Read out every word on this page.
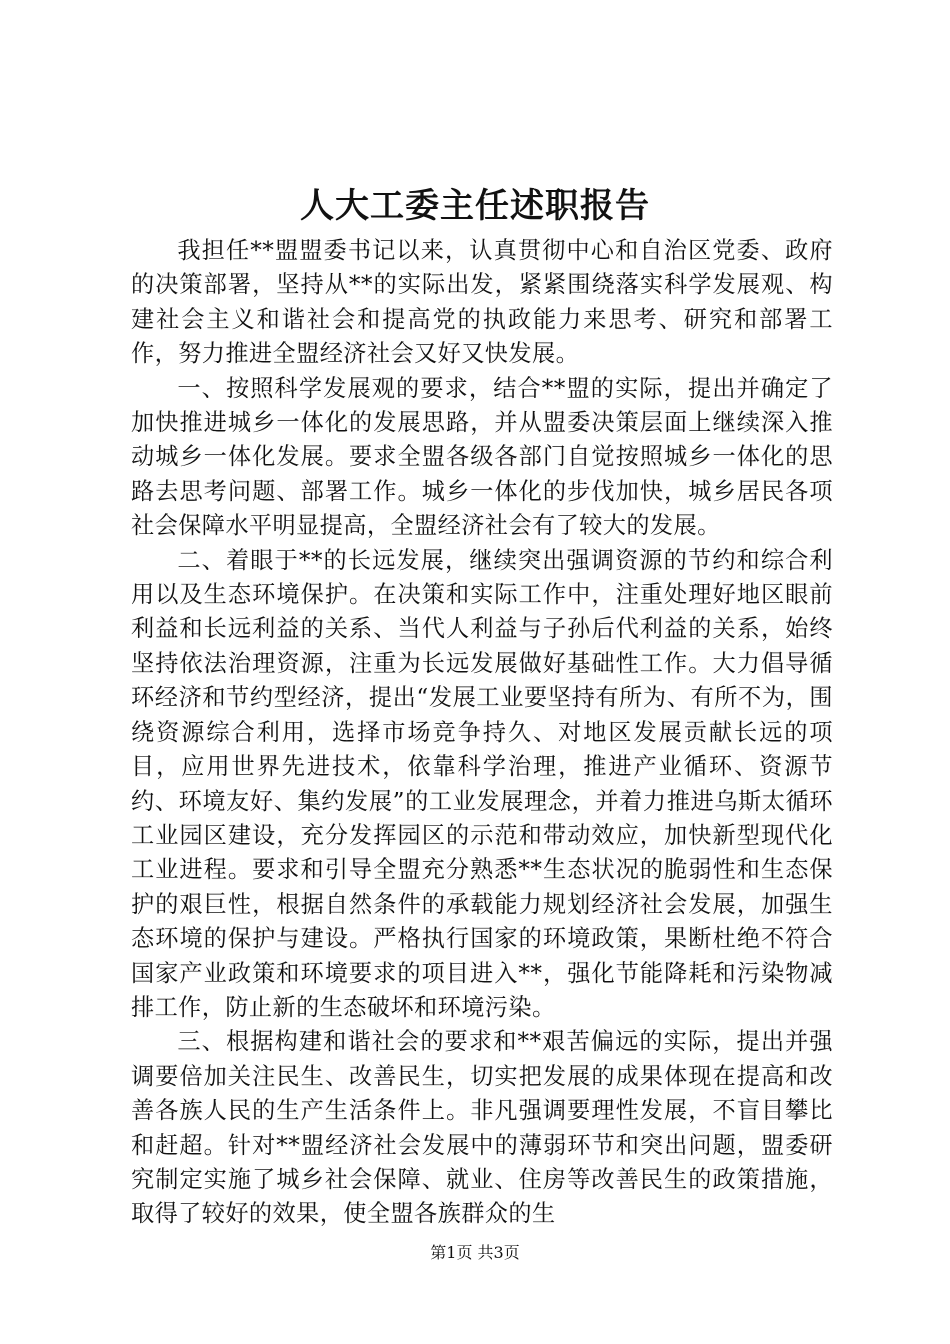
人大工委主任述职报告

我担任**盟盟委书记以来，认真贯彻中心和自治区党委、政府的决策部署，坚持从**的实际出发，紧紧围绕落实科学发展观、构建社会主义和谐社会和提高党的执政能力来思考、研究和部署工作，努力推进全盟经济社会又好又快发展。

一、按照科学发展观的要求，结合**盟的实际，提出并确定了加快推进城乡一体化的发展思路，并从盟委决策层面上继续深入推动城乡一体化发展。要求全盟各级各部门自觉按照城乡一体化的思路去思考问题、部署工作。城乡一体化的步伐加快，城乡居民各项社会保障水平明显提高，全盟经济社会有了较大的发展。

二、着眼于**的长远发展，继续突出强调资源的节约和综合利用以及生态环境保护。在决策和实际工作中，注重处理好地区眼前利益和长远利益的关系、当代人利益与子孙后代利益的关系，始终坚持依法治理资源，注重为长远发展做好基础性工作。大力倡导循环经济和节约型经济，提出“发展工业要坚持有所为、有所不为，围绕资源综合利用，选择市场竞争持久、对地区发展贡献长远的项目，应用世界先进技术，依靠科学治理，推进产业循环、资源节约、环境友好、集约发展”的工业发展理念，并着力推进乌斯太循环工业园区建设，充分发挥园区的示范和带动效应，加快新型现代化工业进程。要求和引导全盟充分熟悉**生态状况的脆弱性和生态保护的艰巨性，根据自然条件的承载能力规划经济社会发展，加强生态环境的保护与建设。严格执行国家的环境政策，果断杜绝不符合国家产业政策和环境要求的项目进入**，强化节能降耗和污染物减排工作，防止新的生态破坏和环境污染。

三、根据构建和谐社会的要求和**艰苦偏远的实际，提出并强调要倍加关注民生、改善民生，切实把发展的成果体现在提高和改善各族人民的生产生活条件上。非凡强调要理性发展，不盲目攀比和赶超。针对**盟经济社会发展中的薄弱环节和突出问题，盟委研究制定实施了城乡社会保障、就业、住房等改善民生的政策措施，取得了较好的效果，使全盟各族群众的生

第1页 共3页
